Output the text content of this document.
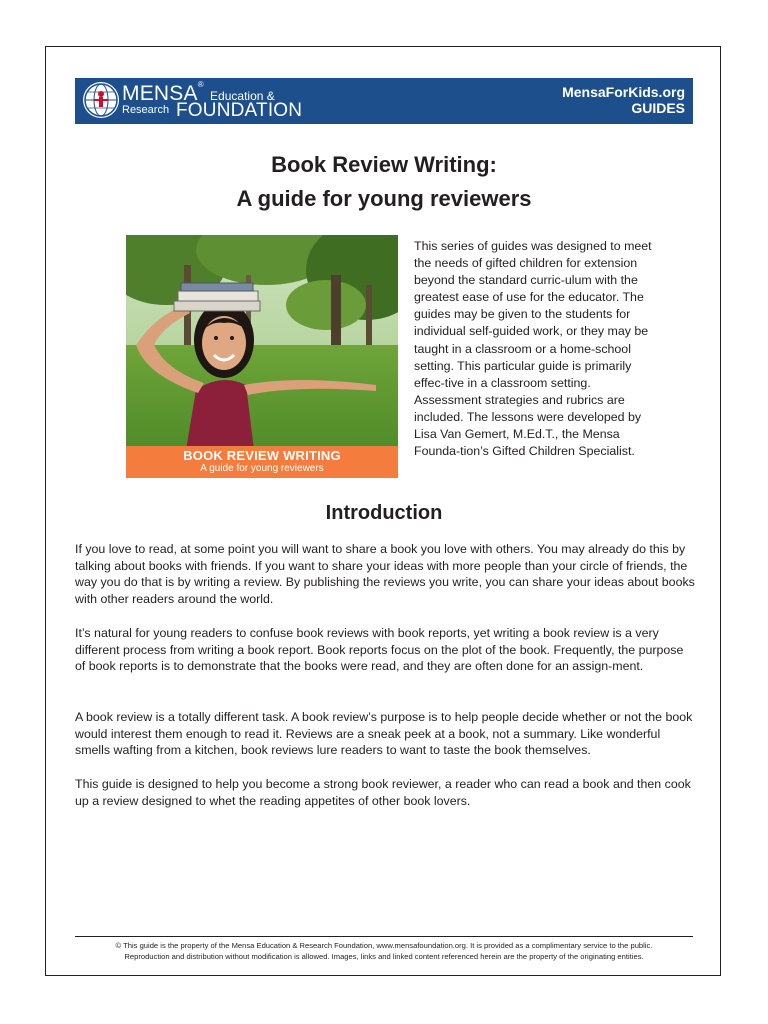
MENSA® Education &
Research FOUNDATION
MensaForKids.org
GUIDES
Book Review Writing:
A guide for young reviewers
BOOK REVIEW WRITING
A guide for young reviewers
This series of guides was designed to meet the needs of gifted children for extension beyond the standard curric-ulum with the greatest ease of use for the educator. The guides may be given to the students for individual self-guided work, or they may be taught in a classroom or a home-school setting. This particular guide is primarily effec-tive in a classroom setting. Assessment strategies and rubrics are included. The lessons were developed by Lisa Van Gemert, M.Ed.T., the Mensa Founda-tion’s Gifted Children Specialist.
Introduction
If you love to read, at some point you will want to share a book you love with others. You may already do this by talking about books with friends. If you want to share your ideas with more people than your circle of friends, the way you do that is by writing a review. By publishing the reviews you write, you can share your ideas about books with other readers around the world.
It’s natural for young readers to confuse book reviews with book reports, yet writing a book review is a very different process from writing a book report. Book reports focus on the plot of the book. Frequently, the purpose of book reports is to demonstrate that the books were read, and they are often done for an assign-ment.
A book review is a totally different task. A book review’s purpose is to help people decide whether or not the book would interest them enough to read it. Reviews are a sneak peek at a book, not a summary. Like wonderful smells wafting from a kitchen, book reviews lure readers to want to taste the book themselves.
This guide is designed to help you become a strong book reviewer, a reader who can read a book and then cook up a review designed to whet the reading appetites of other book lovers.
© This guide is the property of the Mensa Education & Research Foundation, www.mensafoundation.org. It is provided as a complimentary service to the public.
Reproduction and distribution without modification is allowed. Images, links and linked content referenced herein are the property of the originating entities.
